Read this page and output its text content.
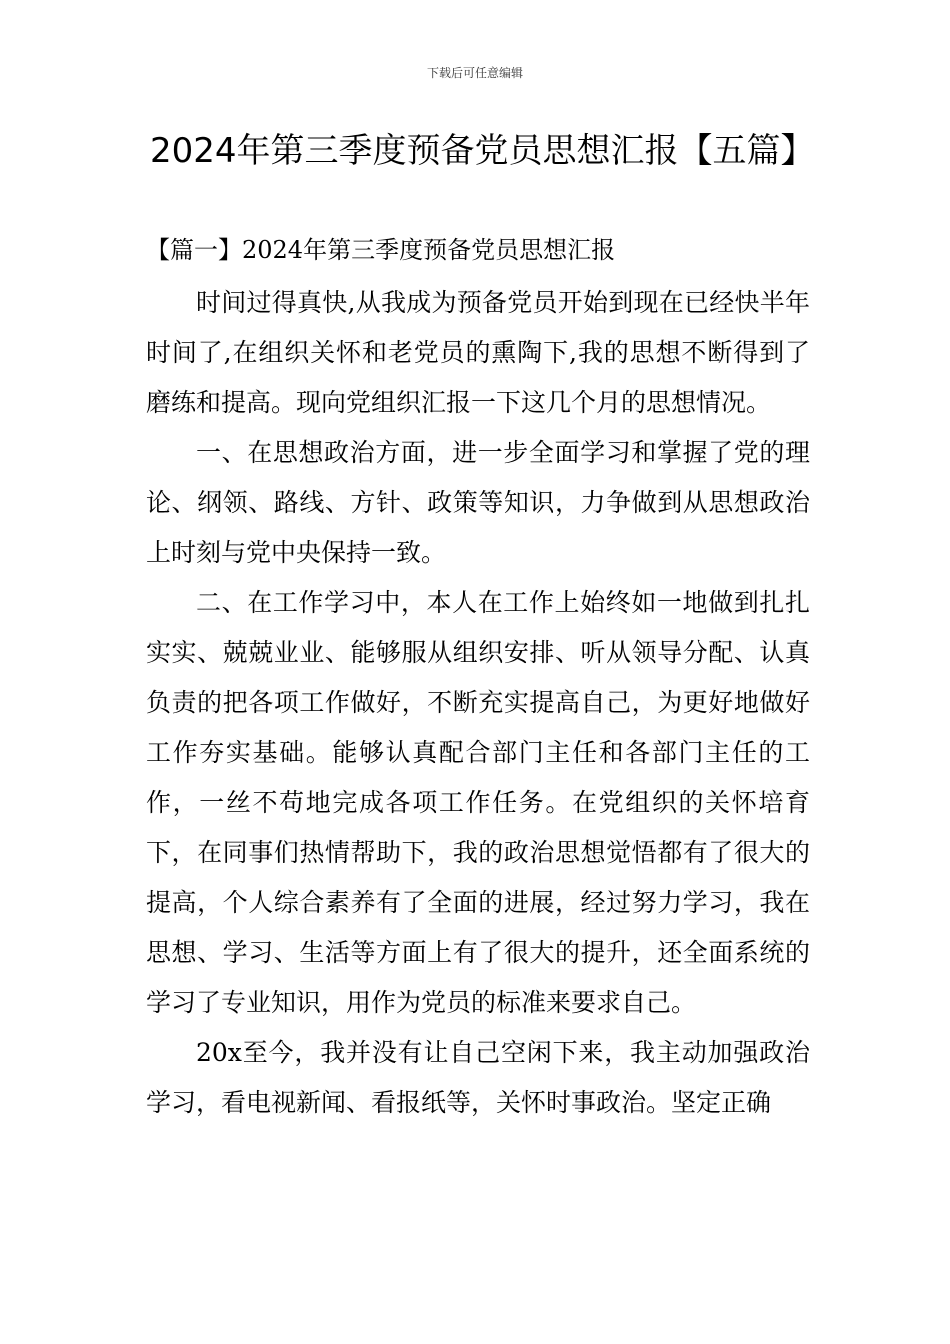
下载后可任意编辑
2024年第三季度预备党员思想汇报【五篇】

【篇一】2024年第三季度预备党员思想汇报

时间过得真快,从我成为预备党员开始到现在已经快半年时间了,在组织关怀和老党员的熏陶下,我的思想不断得到了磨练和提高。现向党组织汇报一下这几个月的思想情况。

一、在思想政治方面，进一步全面学习和掌握了党的理论、纲领、路线、方针、政策等知识，力争做到从思想政治上时刻与党中央保持一致。

二、在工作学习中，本人在工作上始终如一地做到扎扎实实、兢兢业业、能够服从组织安排、听从领导分配、认真负责的把各项工作做好，不断充实提高自己，为更好地做好工作夯实基础。能够认真配合部门主任和各部门主任的工作，一丝不苟地完成各项工作任务。在党组织的关怀培育下，在同事们热情帮助下，我的政治思想觉悟都有了很大的提高，个人综合素养有了全面的进展，经过努力学习，我在思想、学习、生活等方面上有了很大的提升，还全面系统的学习了专业知识，用作为党员的标准来要求自己。

20x至今，我并没有让自己空闲下来，我主动加强政治学习，看电视新闻、看报纸等，关怀时事政治。坚定正确
